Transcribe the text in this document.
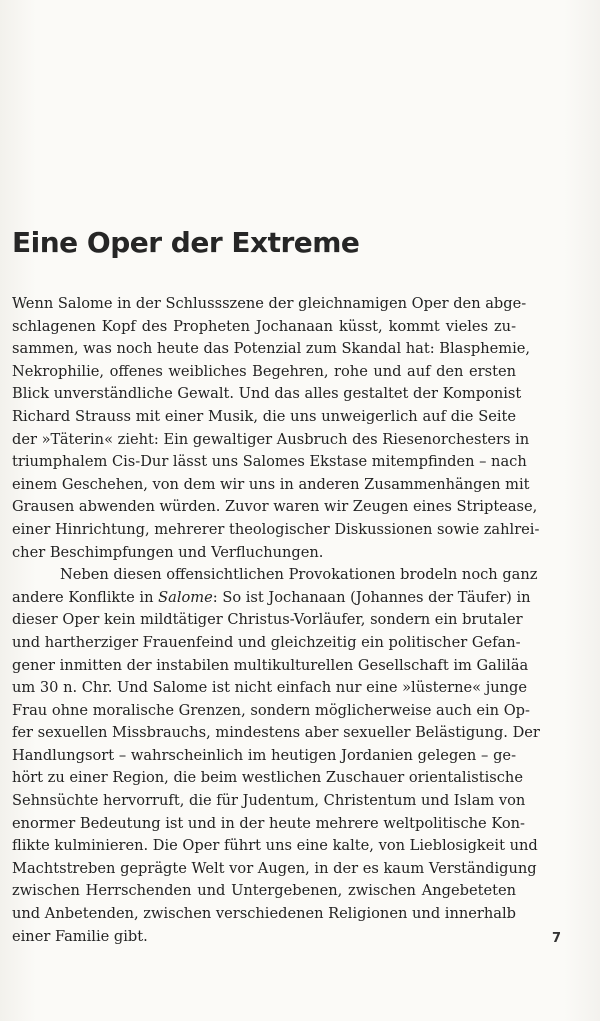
Eine Oper der Extreme

Wenn Salome in der Schlussszene der gleichnamigen Oper den abge-
schlagenen Kopf des Propheten Jochanaan küsst, kommt vieles zu-
sammen, was noch heute das Potenzial zum Skandal hat: Blasphemie,
Nekrophilie, offenes weibliches Begehren, rohe und auf den ersten
Blick unverständliche Gewalt. Und das alles gestaltet der Komponist
Richard Strauss mit einer Musik, die uns unweigerlich auf die Seite
der »Täterin« zieht: Ein gewaltiger Ausbruch des Riesenorchesters in
triumphalem Cis-Dur lässt uns Salomes Ekstase mitempfinden – nach
einem Geschehen, von dem wir uns in anderen Zusammenhängen mit
Grausen abwenden würden. Zuvor waren wir Zeugen eines Striptease,
einer Hinrichtung, mehrerer theologischer Diskussionen sowie zahlrei-
cher Beschimpfungen und Verfluchungen.

Neben diesen offensichtlichen Provokationen brodeln noch ganz
andere Konflikte in Salome: So ist Jochanaan (Johannes der Täufer) in
dieser Oper kein mildtätiger Christus-Vorläufer, sondern ein brutaler
und hartherziger Frauenfeind und gleichzeitig ein politischer Gefan-
gener inmitten der instabilen multikulturellen Gesellschaft im Galiläa
um 30 n. Chr. Und Salome ist nicht einfach nur eine »lüsterne« junge
Frau ohne moralische Grenzen, sondern möglicherweise auch ein Op-
fer sexuellen Missbrauchs, mindestens aber sexueller Belästigung. Der
Handlungsort – wahrscheinlich im heutigen Jordanien gelegen – ge-
hört zu einer Region, die beim westlichen Zuschauer orientalistische
Sehnsüchte hervorruft, die für Judentum, Christentum und Islam von
enormer Bedeutung ist und in der heute mehrere weltpolitische Kon-
flikte kulminieren. Die Oper führt uns eine kalte, von Lieblosigkeit und
Machtstreben geprägte Welt vor Augen, in der es kaum Verständigung
zwischen Herrschenden und Untergebenen, zwischen Angebeteten
und Anbetenden, zwischen verschiedenen Religionen und innerhalb
einer Familie gibt.	7
